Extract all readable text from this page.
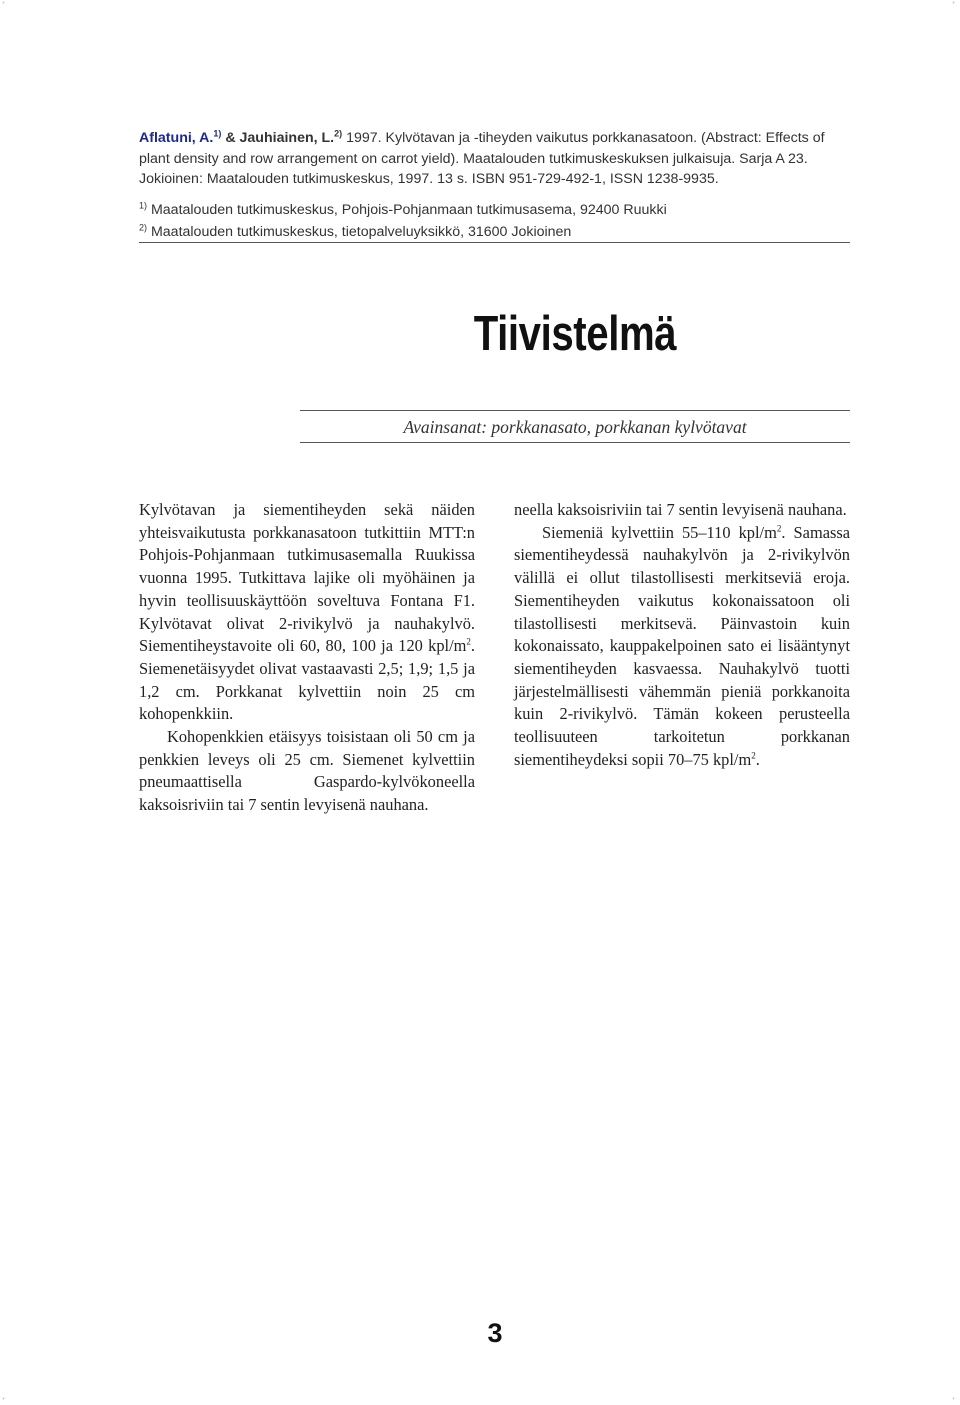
+	+
+	+
Aflatuni, A.$^{1)}$ & Jauhiainen, L.$^{2)}$ 1997. Kylvötavan ja -tiheyden vaikutus porkkanasatoon. (Abstract: Effects of plant density and row arrangement on carrot yield). Maatalouden tutkimuskeskuksen julkaisuja. Sarja A 23. Jokioinen: Maatalouden tutkimuskeskus, 1997. 13 s. ISBN 951-729-492-1, ISSN 1238-9935.
$^{1)}$ Maatalouden tutkimuskeskus, Pohjois-Pohjanmaan tutkimusasema, 92400 Ruukki
$^{2)}$ Maatalouden tutkimuskeskus, tietopalveluyksikkö, 31600 Jokioinen
Tiivistelmä
Avainsanat: porkkanasato, porkkanan kylvötavat

Kylvötavan ja siementiheyden sekä näiden yhteisvaikutusta porkkanasatoon tutkittiin MTT:n Pohjois-Pohjanmaan tutkimusasemalla Ruukissa vuonna 1995. Tutkittava lajike oli myöhäinen ja hyvin teollisuuskäyttöön soveltuva Fontana F1. Kylvötavat olivat 2-rivikylvö ja nauhakylvö. Siementiheystavoite oli 60, 80, 100 ja 120 kpl/$m^2$. Siemenetäisyydet olivat vastaavasti 2,5; 1,9; 1,5 ja 1,2 cm. Porkkanat kylvettiin noin 25 cm kohopenkkiin.

Kohopenkkien etäisyys toisistaan oli 50 cm ja penkkien leveys oli 25 cm. Siemenet kylvettiin pneumaattisella Gaspardo-kylvökoneella kaksoisriviin tai 7 sentin levyisenä nauhana.

neella kaksoisriviin tai 7 sentin levyisenä nauhana.

Siemeniä kylvettiin 55–110 kpl/$m^2$. Samassa siementiheydessä nauhakylvön ja 2-rivikylvön välillä ei ollut tilastollisesti merkitseviä eroja. Siementiheyden vaikutus kokonaissatoon oli tilastollisesti merkitsevä. Päinvastoin kuin kokonaissato, kauppakelpoinen sato ei lisääntynyt siementiheyden kasvaessa. Nauhakylvö tuotti järjestelmällisesti vähemmän pieniä porkkanoita kuin 2-rivikylvö. Tämän kokeen perusteella teollisuuteen tarkoitetun porkkanan siementiheydeksi sopii 70–75 kpl/$m^2$.

3
